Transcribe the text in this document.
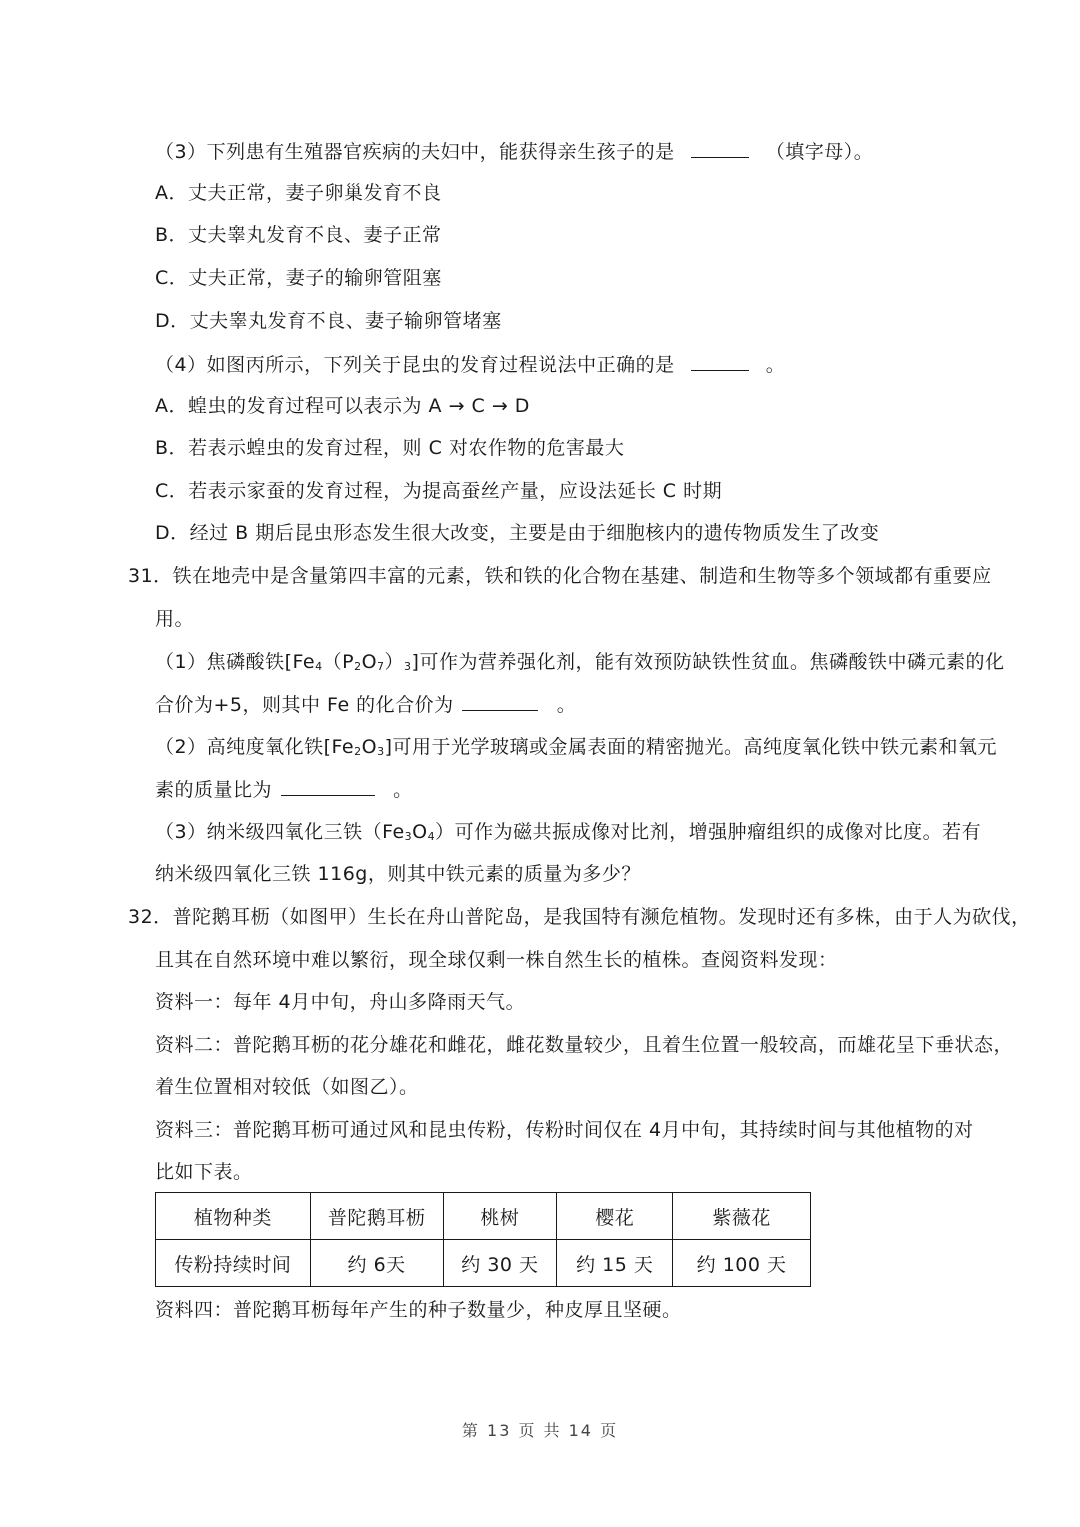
（3）下列患有生殖器官疾病的夫妇中，能获得亲生孩子的是	（填字母）。
A．丈夫正常，妻子卵巢发育不良
B．丈夫睾丸发育不良、妻子正常
C．丈夫正常，妻子的输卵管阻塞
D．丈夫睾丸发育不良、妻子输卵管堵塞
（4）如图丙所示，下列关于昆虫的发育过程说法中正确的是	。
A．蝗虫的发育过程可以表示为 A → C → D
B．若表示蝗虫的发育过程，则 C 对农作物的危害最大
C．若表示家蚕的发育过程，为提高蚕丝产量，应设法延长 C 时期
D．经过 B 期后昆虫形态发生很大改变，主要是由于细胞核内的遗传物质发生了改变
31．铁在地壳中是含量第四丰富的元素，铁和铁的化合物在基建、制造和生物等多个领域都有重要应
用。
（1）焦磷酸铁$[Fe_4(P_2O_7)_3]$可作为营养强化剂，能有效预防缺铁性贫血。焦磷酸铁中磷元素的化
合价为+5，则其中 Fe 的化合价为	。
（2）高纯度氧化铁$[Fe_2O_3]$可用于光学玻璃或金属表面的精密抛光。高纯度氧化铁中铁元素和氧元
素的质量比为	。
（3）纳米级四氧化三铁$(Fe_3O_4)$可作为磁共振成像对比剂，增强肿瘤组织的成像对比度。若有
纳米级四氧化三铁 116g，则其中铁元素的质量为多少？
32．普陀鹅耳枥（如图甲）生长在舟山普陀岛，是我国特有濒危植物。发现时还有多株，由于人为砍伐，
且其在自然环境中难以繁衍，现全球仅剩一株自然生长的植株。查阅资料发现：
资料一：每年 4月中旬，舟山多降雨天气。
资料二：普陀鹅耳枥的花分雄花和雌花，雌花数量较少，且着生位置一般较高，而雄花呈下垂状态，
着生位置相对较低（如图乙）。
资料三：普陀鹅耳枥可通过风和昆虫传粉，传粉时间仅在 4月中旬，其持续时间与其他植物的对
比如下表。
植物种类	普陀鹅耳枥	桃树	樱花	紫薇花
传粉持续时间	约 6天	约 30 天	约 15 天	约 100 天
资料四：普陀鹅耳枥每年产生的种子数量少，种皮厚且坚硬。
第 13 页 共 14 页
